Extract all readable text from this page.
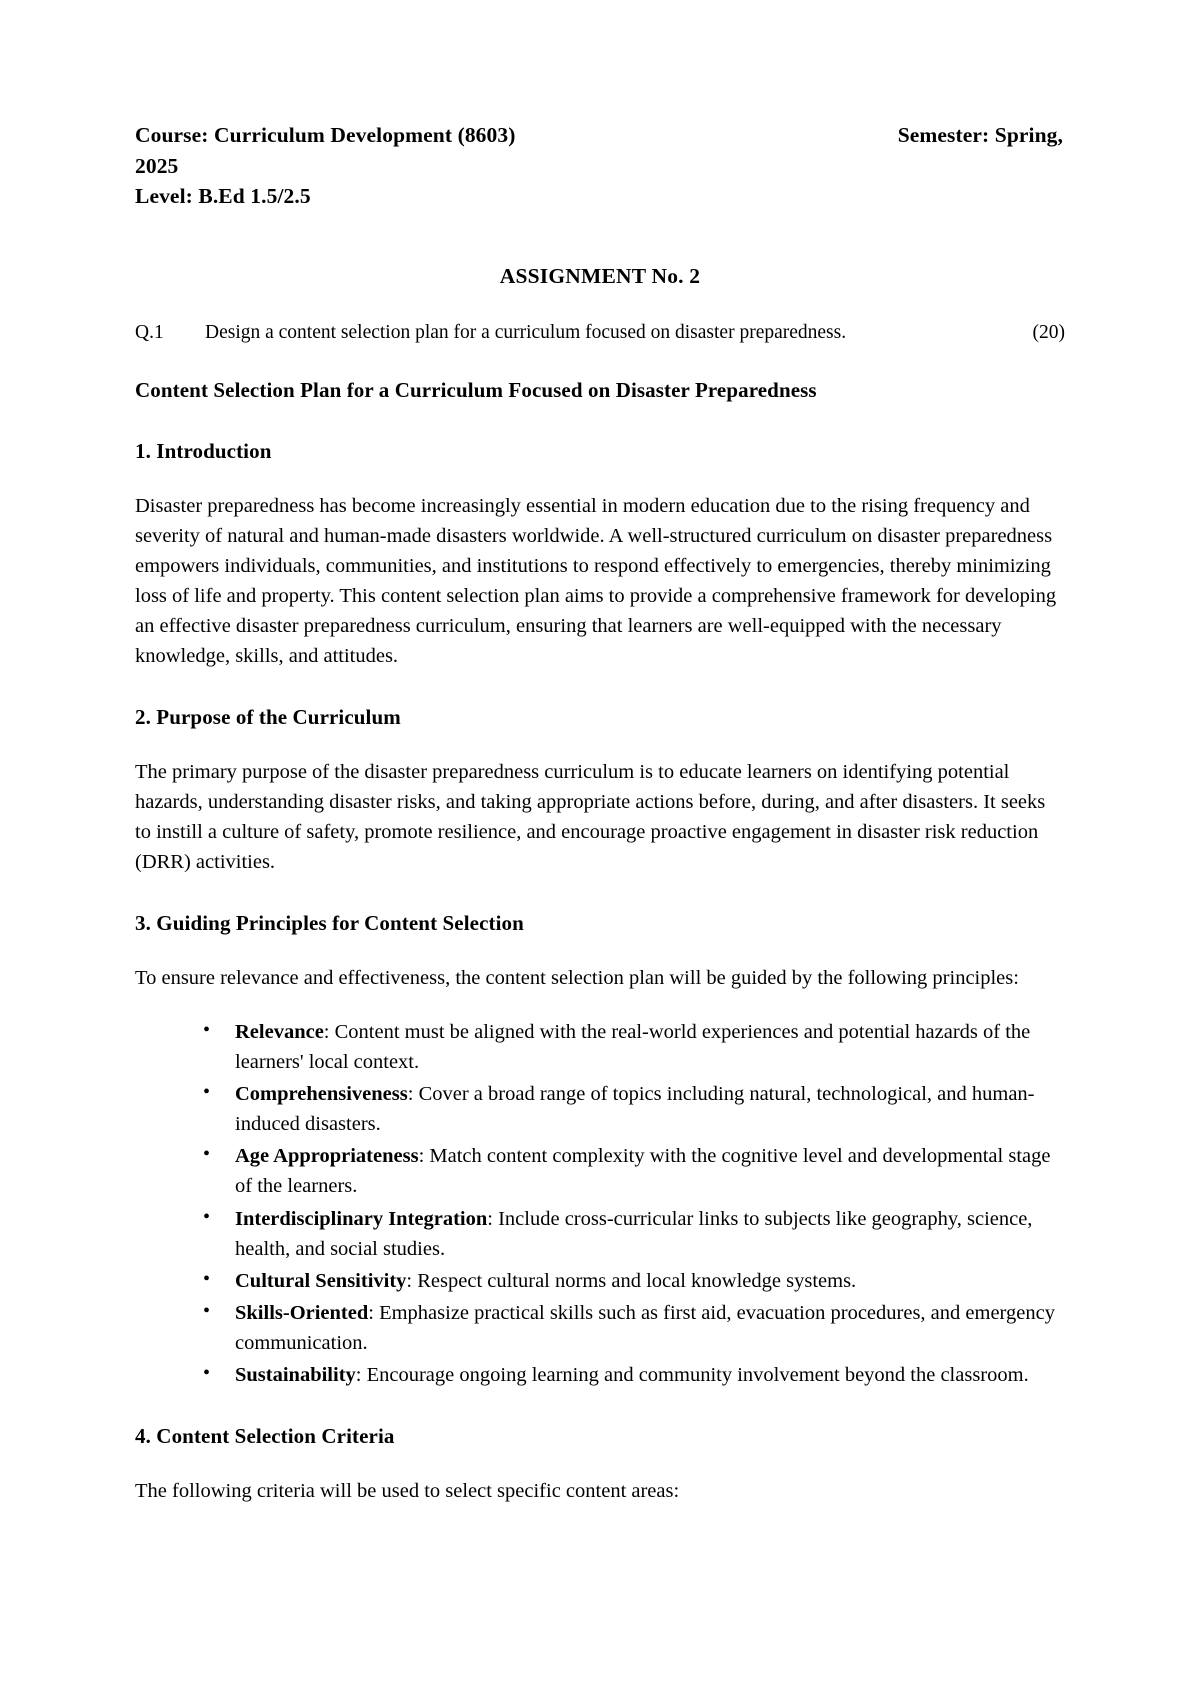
Course: Curriculum Development (8603)	Semester: Spring,
2025
Level: B.Ed 1.5/2.5
ASSIGNMENT No. 2
Q.1	Design a content selection plan for a curriculum focused on disaster preparedness.	(20)
Content Selection Plan for a Curriculum Focused on Disaster Preparedness
1. Introduction

Disaster preparedness has become increasingly essential in modern education due to the rising frequency and severity of natural and human-made disasters worldwide. A well-structured curriculum on disaster preparedness empowers individuals, communities, and institutions to respond effectively to emergencies, thereby minimizing loss of life and property. This content selection plan aims to provide a comprehensive framework for developing an effective disaster preparedness curriculum, ensuring that learners are well-equipped with the necessary knowledge, skills, and attitudes.

2. Purpose of the Curriculum

The primary purpose of the disaster preparedness curriculum is to educate learners on identifying potential hazards, understanding disaster risks, and taking appropriate actions before, during, and after disasters. It seeks to instill a culture of safety, promote resilience, and encourage proactive engagement in disaster risk reduction (DRR) activities.

3. Guiding Principles for Content Selection

To ensure relevance and effectiveness, the content selection plan will be guided by the following principles:

• Relevance: Content must be aligned with the real-world experiences and potential hazards of the learners' local context.
• Comprehensiveness: Cover a broad range of topics including natural, technological, and human-induced disasters.
• Age Appropriateness: Match content complexity with the cognitive level and developmental stage of the learners.
• Interdisciplinary Integration: Include cross-curricular links to subjects like geography, science, health, and social studies.
• Cultural Sensitivity: Respect cultural norms and local knowledge systems.
• Skills-Oriented: Emphasize practical skills such as first aid, evacuation procedures, and emergency communication.
• Sustainability: Encourage ongoing learning and community involvement beyond the classroom.
4. Content Selection Criteria

The following criteria will be used to select specific content areas:
